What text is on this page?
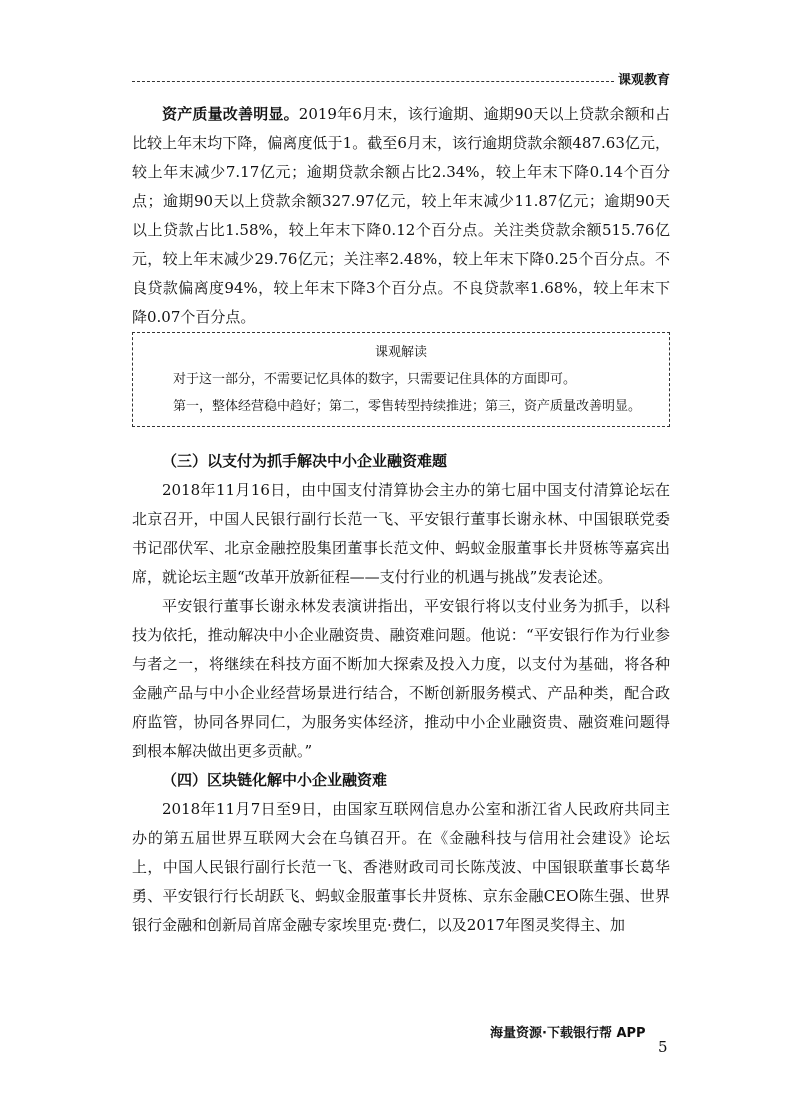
课观教育

资产质量改善明显。2019年6月末，该行逾期、逾期90天以上贷款余额和占比较上年末均下降，偏离度低于1。截至6月末，该行逾期贷款余额487.63亿元，较上年末减少7.17亿元；逾期贷款余额占比2.34%，较上年末下降0.14个百分点；逾期90天以上贷款余额327.97亿元，较上年末减少11.87亿元；逾期90天以上贷款占比1.58%，较上年末下降0.12个百分点。关注类贷款余额515.76亿元，较上年末减少29.76亿元；关注率2.48%，较上年末下降0.25个百分点。不良贷款偏离度94%，较上年末下降3个百分点。不良贷款率1.68%，较上年末下降0.07个百分点。

课观解读

对于这一部分，不需要记忆具体的数字，只需要记住具体的方面即可。

第一，整体经营稳中趋好；第二，零售转型持续推进；第三，资产质量改善明显。

（三）以支付为抓手解决中小企业融资难题

2018年11月16日，由中国支付清算协会主办的第七届中国支付清算论坛在北京召开，中国人民银行副行长范一飞、平安银行董事长谢永林、中国银联党委书记邵伏军、北京金融控股集团董事长范文仲、蚂蚁金服董事长井贤栋等嘉宾出席，就论坛主题“改革开放新征程——支付行业的机遇与挑战”发表论述。

平安银行董事长谢永林发表演讲指出，平安银行将以支付业务为抓手，以科技为依托，推动解决中小企业融资贵、融资难问题。他说：“平安银行作为行业参与者之一，将继续在科技方面不断加大探索及投入力度，以支付为基础，将各种金融产品与中小企业经营场景进行结合，不断创新服务模式、产品种类，配合政府监管，协同各界同仁，为服务实体经济，推动中小企业融资贵、融资难问题得到根本解决做出更多贡献。”

（四）区块链化解中小企业融资难

2018年11月7日至9日，由国家互联网信息办公室和浙江省人民政府共同主办的第五届世界互联网大会在乌镇召开。在《金融科技与信用社会建设》论坛上，中国人民银行副行长范一飞、香港财政司司长陈茂波、中国银联董事长葛华勇、平安银行行长胡跃飞、蚂蚁金服董事长井贤栋、京东金融CEO陈生强、世界银行金融和创新局首席金融专家埃里克·费仁，以及2017年图灵奖得主、加

海量资源·下载银行帮 APP
5
